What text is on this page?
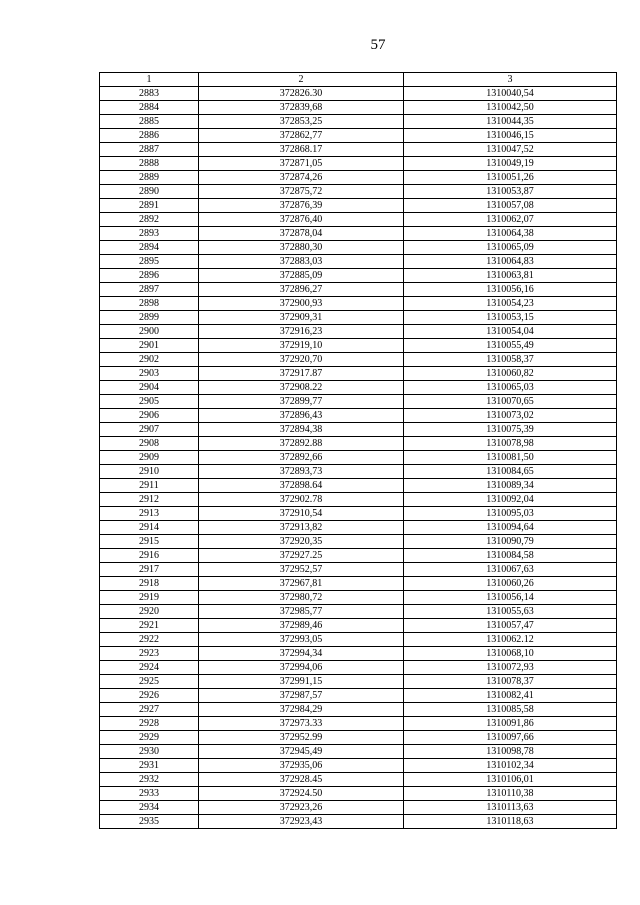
57
1	2	3
2883	372826.30	1310040,54
2884	372839,68	1310042,50
2885	372853,25	1310044,35
2886	372862,77	1310046,15
2887	372868.17	1310047,52
2888	372871,05	1310049,19
2889	372874,26	1310051,26
2890	372875,72	1310053,87
2891	372876,39	1310057,08
2892	372876,40	1310062,07
2893	372878,04	1310064,38
2894	372880,30	1310065,09
2895	372883,03	1310064,83
2896	372885,09	1310063,81
2897	372896,27	1310056,16
2898	372900,93	1310054,23
2899	372909,31	1310053,15
2900	372916,23	1310054,04
2901	372919,10	1310055,49
2902	372920,70	1310058,37
2903	372917.87	1310060,82
2904	372908.22	1310065,03
2905	372899,77	1310070,65
2906	372896,43	1310073,02
2907	372894,38	1310075,39
2908	372892.88	1310078,98
2909	372892,66	1310081,50
2910	372893,73	1310084,65
2911	372898.64	1310089,34
2912	372902.78	1310092,04
2913	372910,54	1310095,03
2914	372913,82	1310094,64
2915	372920,35	1310090,79
2916	372927.25	1310084,58
2917	372952,57	1310067,63
2918	372967,81	1310060,26
2919	372980,72	1310056,14
2920	372985,77	1310055,63
2921	372989,46	1310057,47
2922	372993,05	1310062.12
2923	372994,34	1310068,10
2924	372994,06	1310072,93
2925	372991,15	1310078,37
2926	372987,57	1310082,41
2927	372984,29	1310085,58
2928	372973.33	1310091,86
2929	372952.99	1310097,66
2930	372945,49	1310098,78
2931	372935,06	1310102,34
2932	372928.45	1310106,01
2933	372924.50	1310110,38
2934	372923,26	1310113,63
2935	372923,43	1310118,63
